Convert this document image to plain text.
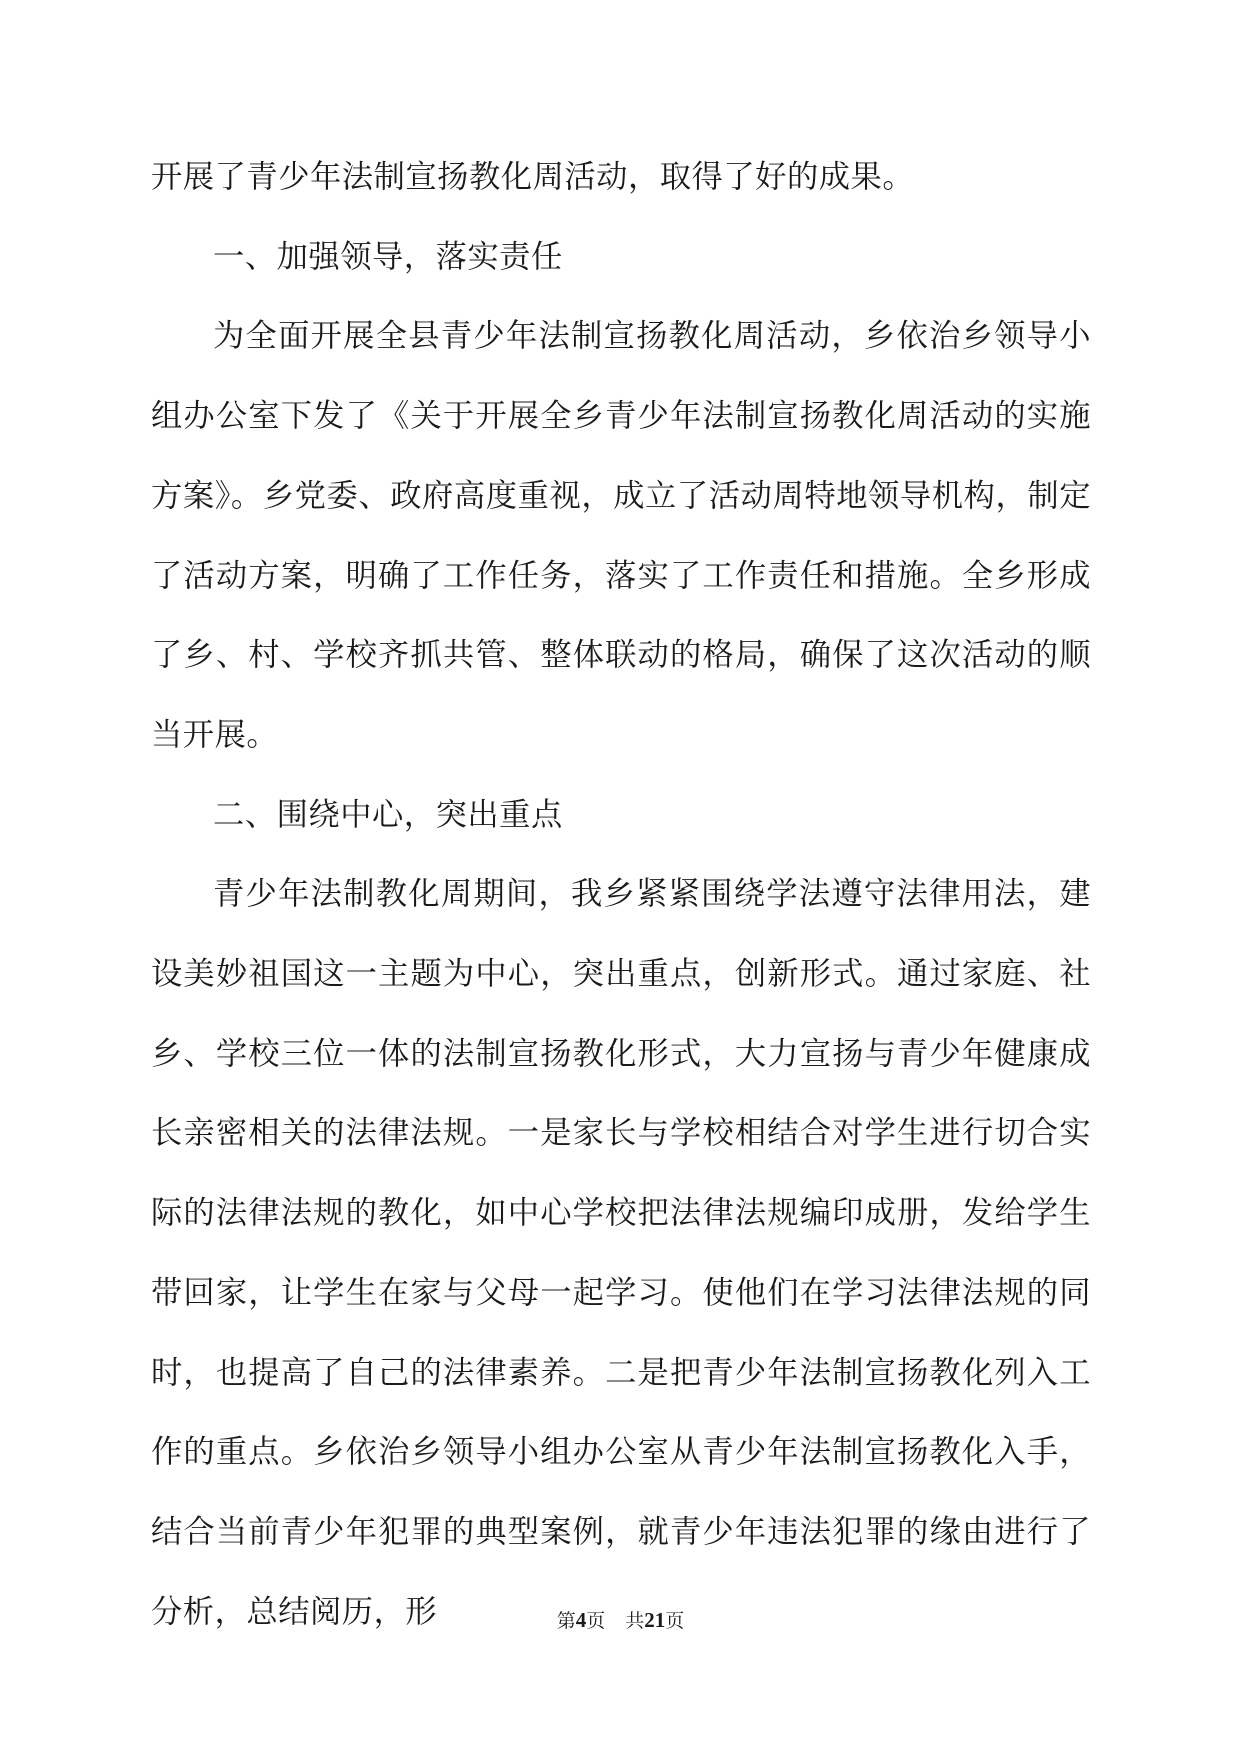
开展了青少年法制宣扬教化周活动，取得了好的成果。

一、加强领导，落实责任

为全面开展全县青少年法制宣扬教化周活动，乡依治乡领导小组办公室下发了《关于开展全乡青少年法制宣扬教化周活动的实施方案》。乡党委、政府高度重视，成立了活动周特地领导机构，制定了活动方案，明确了工作任务，落实了工作责任和措施。全乡形成了乡、村、学校齐抓共管、整体联动的格局，确保了这次活动的顺当开展。

二、围绕中心，突出重点

青少年法制教化周期间，我乡紧紧围绕学法遵守法律用法，建设美妙祖国这一主题为中心，突出重点，创新形式。通过家庭、社乡、学校三位一体的法制宣扬教化形式，大力宣扬与青少年健康成长亲密相关的法律法规。一是家长与学校相结合对学生进行切合实际的法律法规的教化，如中心学校把法律法规编印成册，发给学生带回家，让学生在家与父母一起学习。使他们在学习法律法规的同时，也提高了自己的法律素养。二是把青少年法制宣扬教化列入工作的重点。乡依治乡领导小组办公室从青少年法制宣扬教化入手，结合当前青少年犯罪的典型案例，就青少年违法犯罪的缘由进行了分析，总结阅历，形	第4页 共21页
